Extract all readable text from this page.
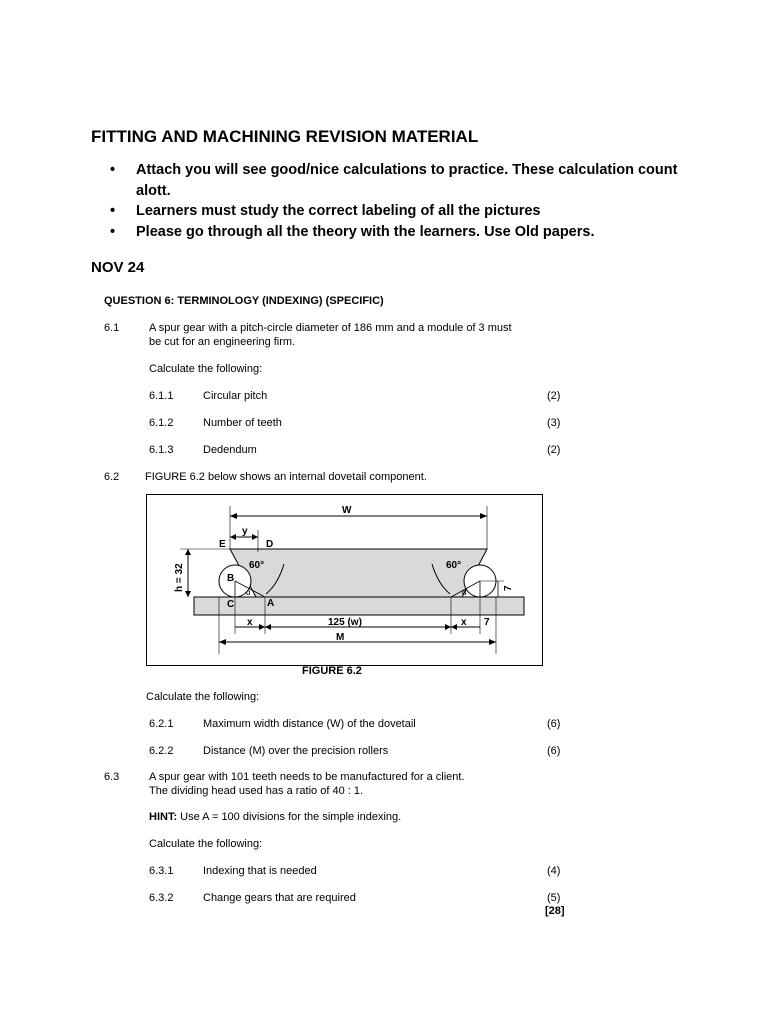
FITTING AND MACHINING REVISION MATERIAL
• Attach you will see good/nice calculations to practice. These calculation count alott.
• Learners must study the correct labeling of all the pictures
• Please go through all the theory with the learners. Use Old papers.
NOV 24
QUESTION 6: TERMINOLOGY (INDEXING) (SPECIFIC)
6.1	A spur gear with a pitch-circle diameter of 186 mm and a module of 3 must
be cut for an engineering firm.
Calculate the following:
6.1.1	Circular pitch	(2)
6.1.2	Number of teeth	(3)
6.1.3	Dedendum	(2)
6.2 FIGURE 6.2 below shows an internal dovetail component.
W
y
E	D
h = 32	60°	60°
B
C	A
α	α	7
x	125 (w)
M
x 7
FIGURE 6.2
Calculate the following:
6.2.1	Maximum width distance (W) of the dovetail	(6)
6.2.2	Distance (M) over the precision rollers	(6)
6.3	A spur gear with 101 teeth needs to be manufactured for a client.
The dividing head used has a ratio of 40 : 1.
HINT: Use A = 100 divisions for the simple indexing.
Calculate the following:
6.3.1	Indexing that is needed	(4)
6.3.2	Change gears that are required	(5)
[28]
